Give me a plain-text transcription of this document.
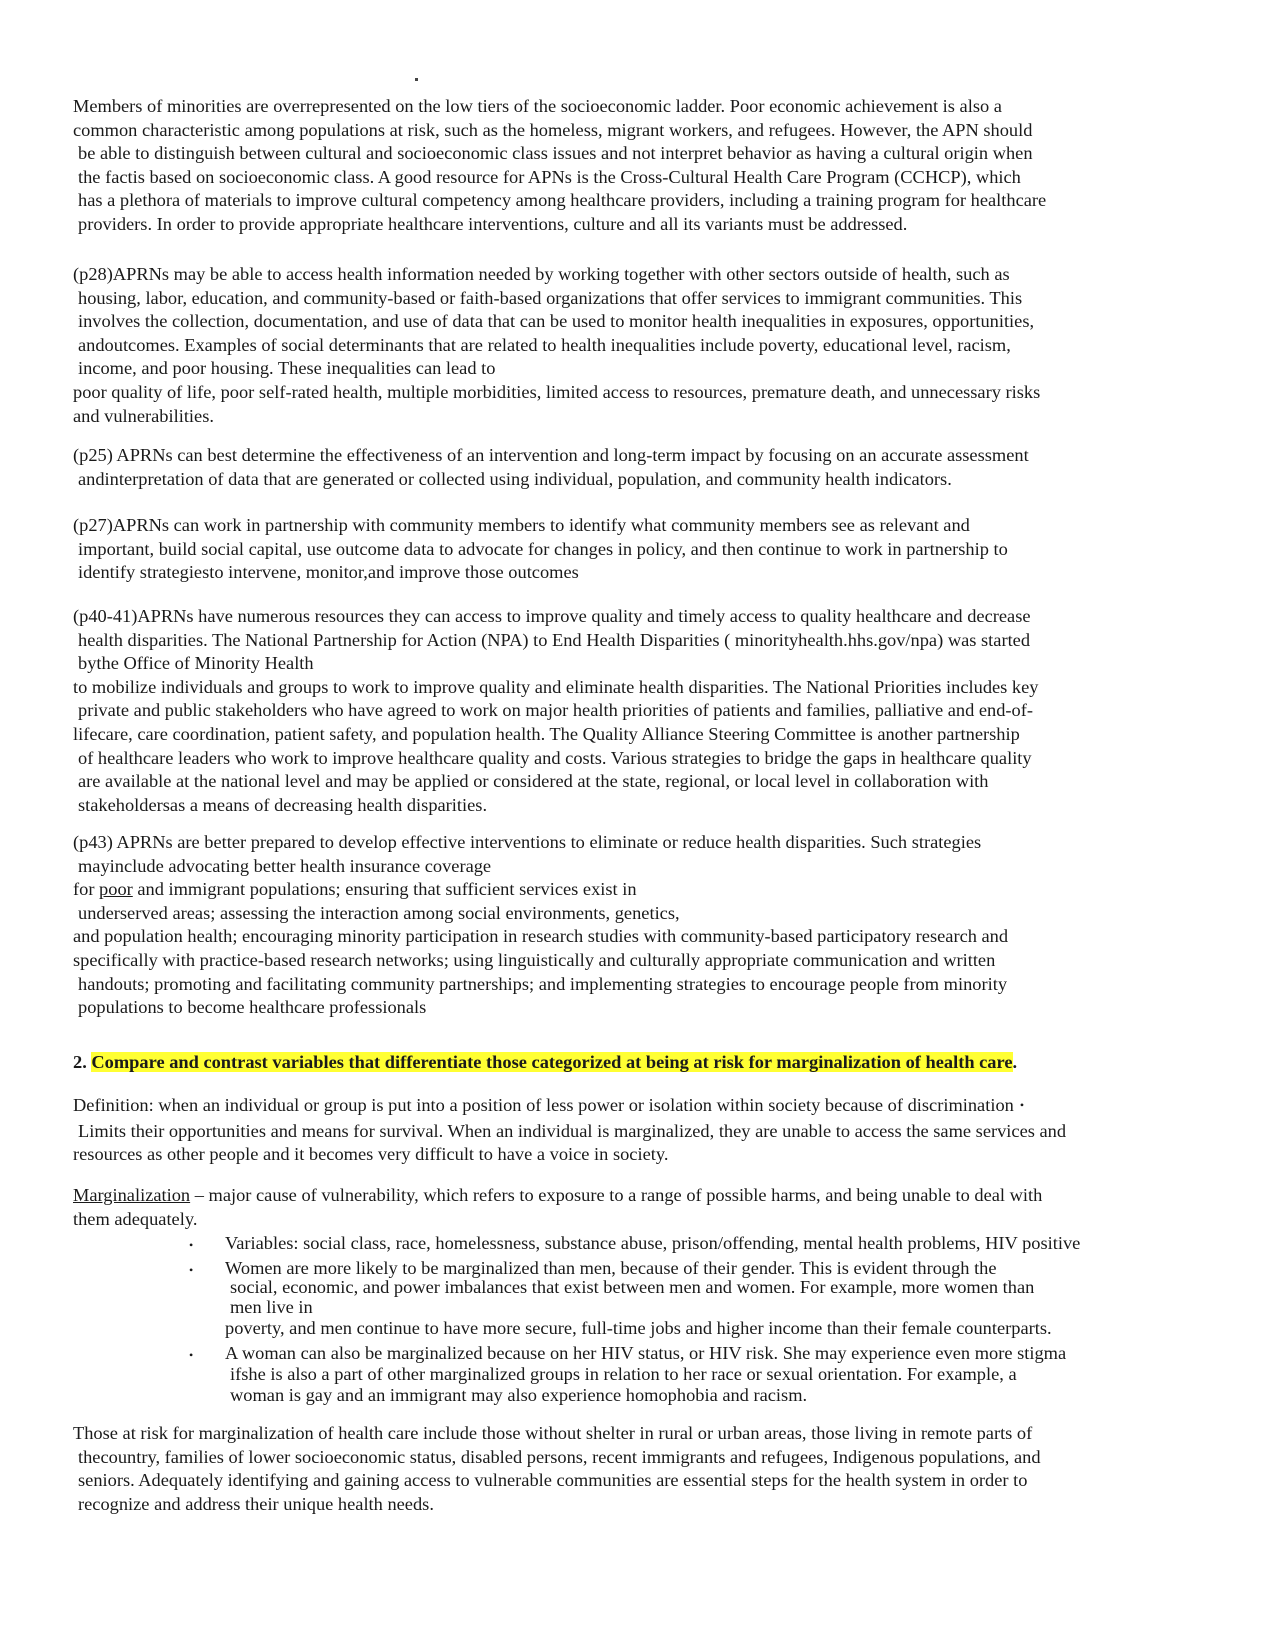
Members of minorities are overrepresented on the low tiers of the socioeconomic ladder. Poor economic achievement is also a
common characteristic among populations at risk, such as the homeless, migrant workers, and refugees. However, the APN should
be able to distinguish between cultural and socioeconomic class issues and not interpret behavior as having a cultural origin when
the factis based on socioeconomic class. A good resource for APNs is the Cross-Cultural Health Care Program (CCHCP), which
has a plethora of materials to improve cultural competency among healthcare providers, including a training program for healthcare
providers. In order to provide appropriate healthcare interventions, culture and all its variants must be addressed.
(p28)APRNs may be able to access health information needed by working together with other sectors outside of health, such as
housing, labor, education, and community-based or faith-based organizations that offer services to immigrant communities. This
involves the collection, documentation, and use of data that can be used to monitor health inequalities in exposures, opportunities,
andoutcomes. Examples of social determinants that are related to health inequalities include poverty, educational level, racism,
income, and poor housing. These inequalities can lead to
poor quality of life, poor self-rated health, multiple morbidities, limited access to resources, premature death, and unnecessary risks
and vulnerabilities.
(p25) APRNs can best determine the effectiveness of an intervention and long-term impact by focusing on an accurate assessment
andinterpretation of data that are generated or collected using individual, population, and community health indicators.
(p27)APRNs can work in partnership with community members to identify what community members see as relevant and
important, build social capital, use outcome data to advocate for changes in policy, and then continue to work in partnership to
identify strategiesto intervene, monitor,and improve those outcomes
(p40-41)APRNs have numerous resources they can access to improve quality and timely access to quality healthcare and decrease
health disparities. The National Partnership for Action (NPA) to End Health Disparities ( minorityhealth.hhs.gov/npa) was started
bythe Office of Minority Health
to mobilize individuals and groups to work to improve quality and eliminate health disparities. The National Priorities includes key
private and public stakeholders who have agreed to work on major health priorities of patients and families, palliative and end-of-
lifecare, care coordination, patient safety, and population health. The Quality Alliance Steering Committee is another partnership
of healthcare leaders who work to improve healthcare quality and costs. Various strategies to bridge the gaps in healthcare quality
are available at the national level and may be applied or considered at the state, regional, or local level in collaboration with
stakeholdersas a means of decreasing health disparities.
(p43) APRNs are better prepared to develop effective interventions to eliminate or reduce health disparities. Such strategies
mayinclude advocating better health insurance coverage
for poor and immigrant populations; ensuring that sufficient services exist in
underserved areas; assessing the interaction among social environments, genetics,
and population health; encouraging minority participation in research studies with community-based participatory research and
specifically with practice-based research networks; using linguistically and culturally appropriate communication and written
handouts; promoting and facilitating community partnerships; and implementing strategies to encourage people from minority
populations to become healthcare professionals
2. Compare and contrast variables that differentiate those categorized at being at risk for marginalization of health care.
Definition: when an individual or group is put into a position of less power or isolation within society because of discrimination •
Limits their opportunities and means for survival. When an individual is marginalized, they are unable to access the same services and
resources as other people and it becomes very difficult to have a voice in society.
Marginalization – major cause of vulnerability, which refers to exposure to a range of possible harms, and being unable to deal with
them adequately.
• Variables: social class, race, homelessness, substance abuse, prison/offending, mental health problems, HIV positive
• Women are more likely to be marginalized than men, because of their gender. This is evident through the
social, economic, and power imbalances that exist between men and women. For example, more women than
men live in
poverty, and men continue to have more secure, full-time jobs and higher income than their female counterparts.
• A woman can also be marginalized because on her HIV status, or HIV risk. She may experience even more stigma
ifshe is also a part of other marginalized groups in relation to her race or sexual orientation. For example, a
woman is gay and an immigrant may also experience homophobia and racism.
Those at risk for marginalization of health care include those without shelter in rural or urban areas, those living in remote parts of
thecountry, families of lower socioeconomic status, disabled persons, recent immigrants and refugees, Indigenous populations, and
seniors. Adequately identifying and gaining access to vulnerable communities are essential steps for the health system in order to
recognize and address their unique health needs.
